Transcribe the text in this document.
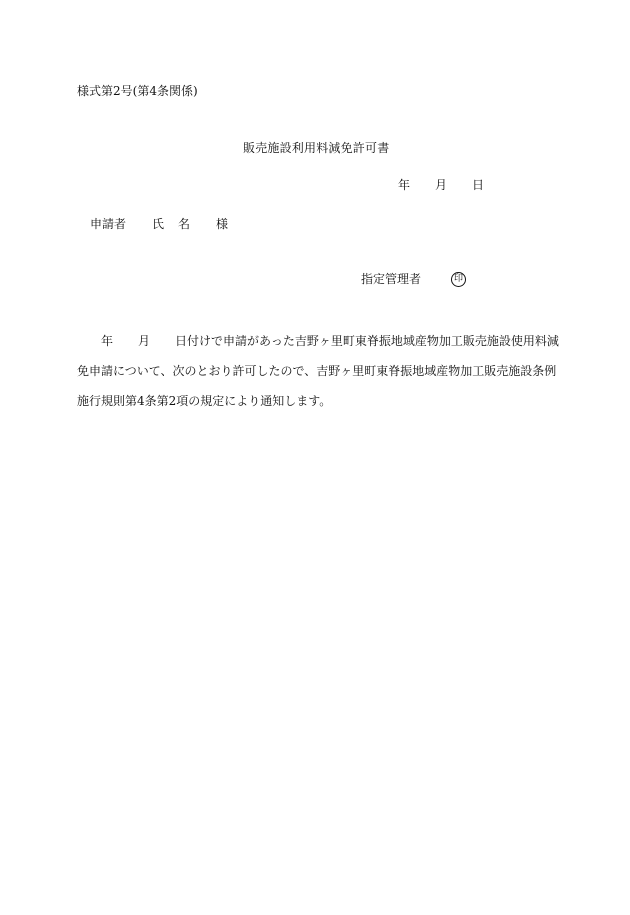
様式第2号(第4条関係)
販売施設利用料減免許可書
年 月 日
申請者 氏 名 様
指定管理者	印
年 月 日付けで申請があった吉野ヶ里町東脊振地域産物加工販売施設使用料減
免申請について、次のとおり許可したので、吉野ヶ里町東脊振地域産物加工販売施設条例
施行規則第4条第2項の規定により通知します。
